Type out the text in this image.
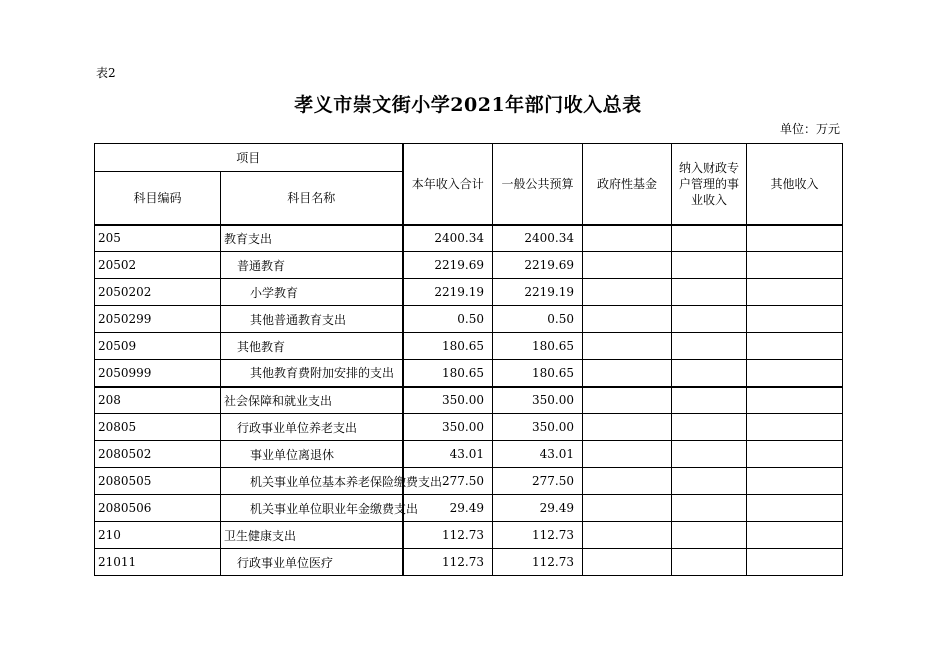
表2
孝义市崇文街小学2021年部门收入总表
单位：万元
项目		本年收入合计	一般公共预算	政府性基金	纳入财政专户管理的事业收入	其他收入
科目编码	科目名称					
205	教育支出	2400.34	2400.34			
20502	普通教育	2219.69	2219.69			
2050202	小学教育	2219.19	2219.19			
2050299	其他普通教育支出	0.50	0.50			
20509	其他教育	180.65	180.65			
2050999	其他教育费附加安排的支出	180.65	180.65			
208	社会保障和就业支出	350.00	350.00			
20805	行政事业单位养老支出	350.00	350.00			
2080502	事业单位离退休	43.01	43.01			
2080505	机关事业单位基本养老保险缴费支出	277.50	277.50			
2080506	机关事业单位职业年金缴费支出	29.49	29.49			
210	卫生健康支出	112.73	112.73			
21011	行政事业单位医疗	112.73	112.73			
